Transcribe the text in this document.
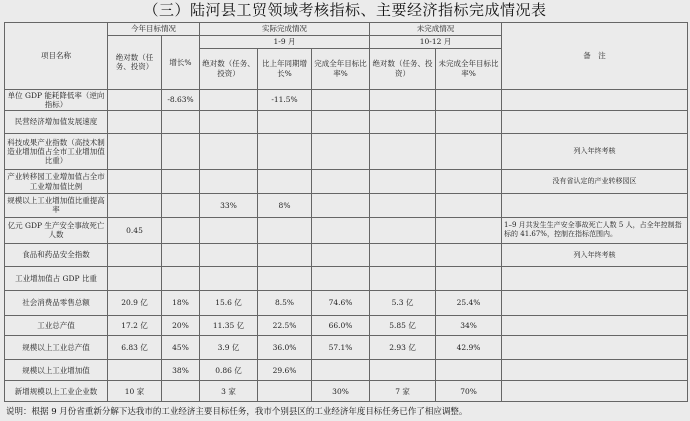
（三）陆河县工贸领域考核指标、主要经济指标完成情况表
项目名称	今年目标情况		实际完成情况			未完成情况		备　注
	绝对数（任务、投资）	增长%	1-9 月			10-12 月		
			绝对数（任务、投资）	比上年同期增长%	完成全年目标比率%	绝对数（任务、投资）	未完成全年目标比率%	
单位 GDP 能耗降低率（逆向指标）		-8.63%		-11.5%				
民营经济增加值发展速度								
科技成果产业指数（高技术制造业增加值占全市工业增加值比重）								列入年终考核
产业转移园工业增加值占全市工业增加值比例								没有省认定的产业转移园区
规模以上工业增加值比重提高率			33%	8%				
亿元 GDP 生产安全事故死亡人数	0.45							1–9 月共发生生产安全事故死亡人数 5 人，占全年控制指标的 41.67%，控制在指标范围内。
食品和药品安全指数								列入年终考核
工业增加值占 GDP 比重								
社会消费品零售总额	20.9 亿	18%	15.6 亿	8.5%	74.6%	5.3 亿	25.4%	
工业总产值	17.2 亿	20%	11.35 亿	22.5%	66.0%	5.85 亿	34%	
规模以上工业总产值	6.83 亿	45%	3.9 亿	36.0%	57.1%	2.93 亿	42.9%	
规模以上工业增加值		38%	0.86 亿	29.6%				
新增规模以上工业企业数	10 家		3 家		30%	7 家	70%	
说明：根据 9 月份省重新分解下达我市的工业经济主要目标任务，我市个别县区的工业经济年度目标任务已作了相应调整。
